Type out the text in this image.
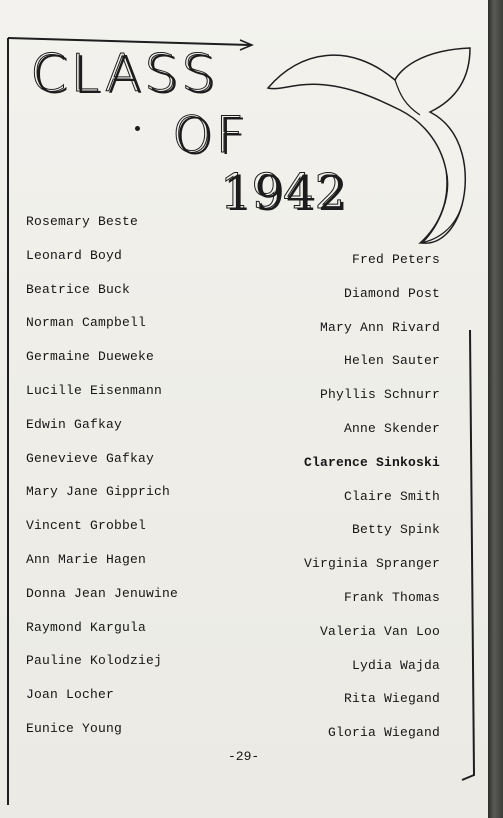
CLASS
OF
1942
Rosemary Beste
Leonard Boyd
Beatrice Buck
Norman Campbell
Germaine Dueweke
Lucille Eisenmann
Edwin Gafkay
Genevieve Gafkay
Mary Jane Gipprich
Vincent Grobbel
Ann Marie Hagen
Donna Jean Jenuwine
Raymond Kargula
Pauline Kolodziej
Joan Locher
Eunice Young
Fred Peters
Diamond Post
Mary Ann Rivard
Helen Sauter
Phyllis Schnurr
Anne Skender
Clarence Sinkoski
Claire Smith
Betty Spink
Virginia Spranger
Frank Thomas
Valeria Van Loo
Lydia Wajda
Rita Wiegand
Gloria Wiegand
-29-
